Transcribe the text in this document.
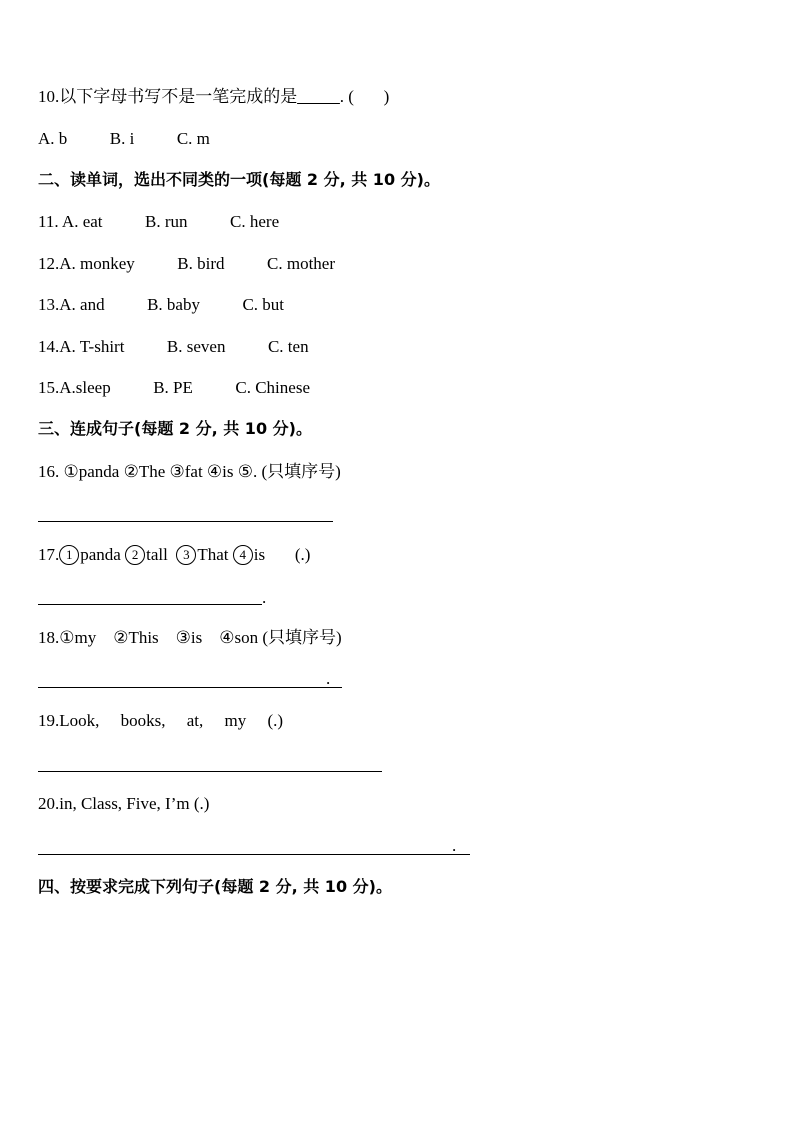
10.以下字母书写不是一笔完成的是_____. (       )
A. b          B. i          C. m
二、读单词，选出不同类的一项(每题 2 分, 共 10 分)。
11. A. eat          B. run          C. here
12.A. monkey          B. bird          C. mother
13.A. and          B. baby          C. but
14.A. T-shirt          B. seven          C. ten
15.A.sleep          B. PE          C. Chinese
三、连成句子(每题 2 分, 共 10 分)。
16. ①panda ②The ③fat ④is ⑤. (只填序号)
17. 1 panda 2 tall  3 That 4 is       (.)
.
18.①my    ②This    ③is    ④son (只填序号)
.
19.Look,     books,     at,     my     (.)
20.in, Class, Five, I’m (.)
.
四、按要求完成下列句子(每题 2 分, 共 10 分)。
